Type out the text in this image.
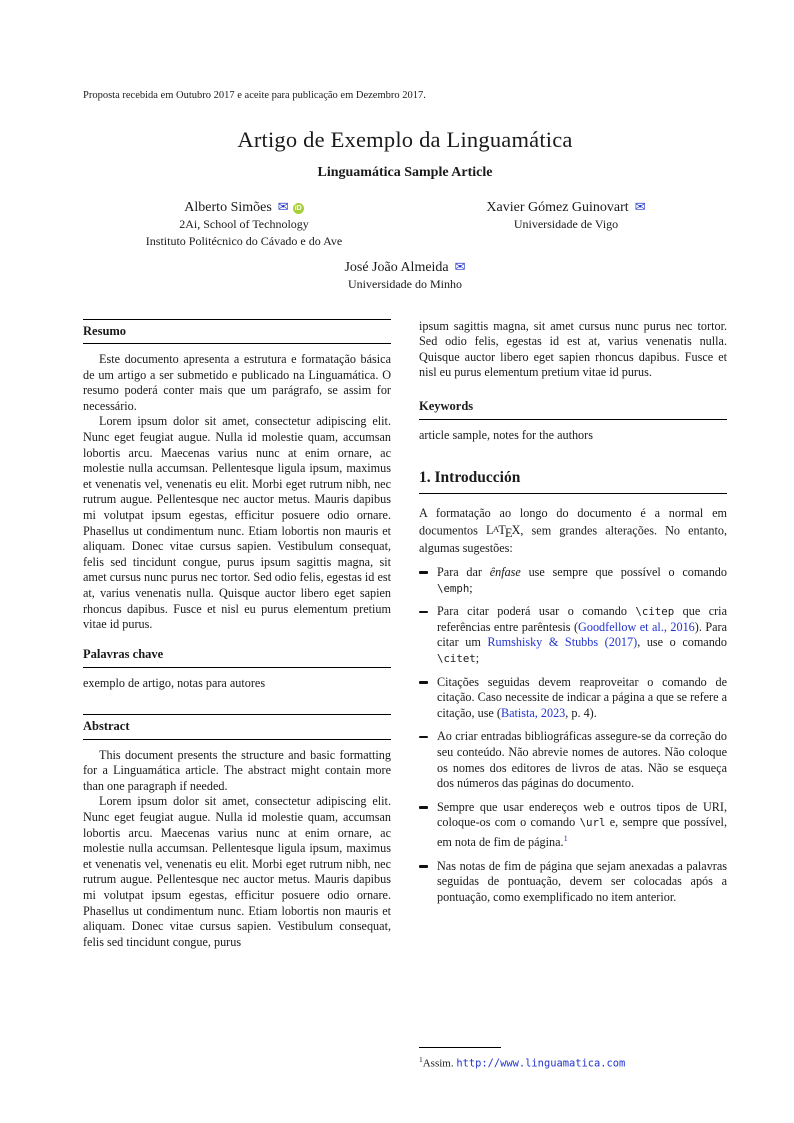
Proposta recebida em Outubro 2017 e aceite para publicação em Dezembro 2017.
Artigo de Exemplo da Linguamática
Linguamática Sample Article
Alberto Simões ✉ iD
2Ai, School of Technology
Instituto Politécnico do Cávado e do Ave
Xavier Gómez Guinovart ✉
Universidade de Vigo
José João Almeida ✉
Universidade do Minho
Resumo

Este documento apresenta a estrutura e formatação básica de um artigo a ser submetido e publicado na Linguamática. O resumo poderá conter mais que um parágrafo, se assim for necessário.

Lorem ipsum dolor sit amet, consectetur adipiscing elit. Nunc eget feugiat augue. Nulla id molestie quam, accumsan lobortis arcu. Maecenas varius nunc at enim ornare, ac molestie nulla accumsan. Pellentesque ligula ipsum, maximus et venenatis vel, venenatis eu elit. Morbi eget rutrum nibh, nec rutrum augue. Pellentesque nec auctor metus. Mauris dapibus mi volutpat ipsum egestas, efficitur posuere odio ornare. Phasellus ut condimentum nunc. Etiam lobortis non mauris et aliquam. Donec vitae cursus sapien. Vestibulum consequat, felis sed tincidunt congue, purus ipsum sagittis magna, sit amet cursus nunc purus nec tortor. Sed odio felis, egestas id est at, varius venenatis nulla. Quisque auctor libero eget sapien rhoncus dapibus. Fusce et nisl eu purus elementum pretium vitae id purus.

Palavras chave

exemplo de artigo, notas para autores

Abstract

This document presents the structure and basic formatting for a Linguamática article. The abstract might contain more than one paragraph if needed.

Lorem ipsum dolor sit amet, consectetur adipiscing elit. Nunc eget feugiat augue. Nulla id molestie quam, accumsan lobortis arcu. Maecenas varius nunc at enim ornare, ac molestie nulla accumsan. Pellentesque ligula ipsum, maximus et venenatis vel, venenatis eu elit. Morbi eget rutrum nibh, nec rutrum augue. Pellentesque nec auctor metus. Mauris dapibus mi volutpat ipsum egestas, efficitur posuere odio ornare. Phasellus ut condimentum nunc. Etiam lobortis non mauris et aliquam. Donec vitae cursus sapien. Vestibulum consequat, felis sed tincidunt congue, purus

ipsum sagittis magna, sit amet cursus nunc purus nec tortor. Sed odio felis, egestas id est at, varius venenatis nulla. Quisque auctor libero eget sapien rhoncus dapibus. Fusce et nisl eu purus elementum pretium vitae id purus.

Keywords

article sample, notes for the authors

1. Introducción

A formatação ao longo do documento é a normal em documentos $L^ATEX$, sem grandes alterações. No entanto, algumas sugestões:

Para dar ênfase use sempre que possível o comando \emph;
Para citar poderá usar o comando \citep que cria referências entre parêntesis (Goodfellow et al., 2016). Para citar um Rumshisky & Stubbs (2017), use o comando \citet;
Citações seguidas devem reaproveitar o comando de citação. Caso necessite de indicar a página a que se refere a citação, use (Batista, 2023, p. 4).
Ao criar entradas bibliográficas assegure-se da correção do seu conteúdo. Não abrevie nomes de autores. Não coloque os nomes dos editores de livros de atas. Não se esqueça dos números das páginas do documento.
Sempre que usar endereços web e outros tipos de URI, coloque-os com o comando \url e, sempre que possível, em nota de fim de página.$^1$
Nas notas de fim de página que sejam anexadas a palavras seguidas de pontuação, devem ser colocadas após a pontuação, como exemplificado no item anterior.
$^1$Assim. http://www.linguamatica.com
